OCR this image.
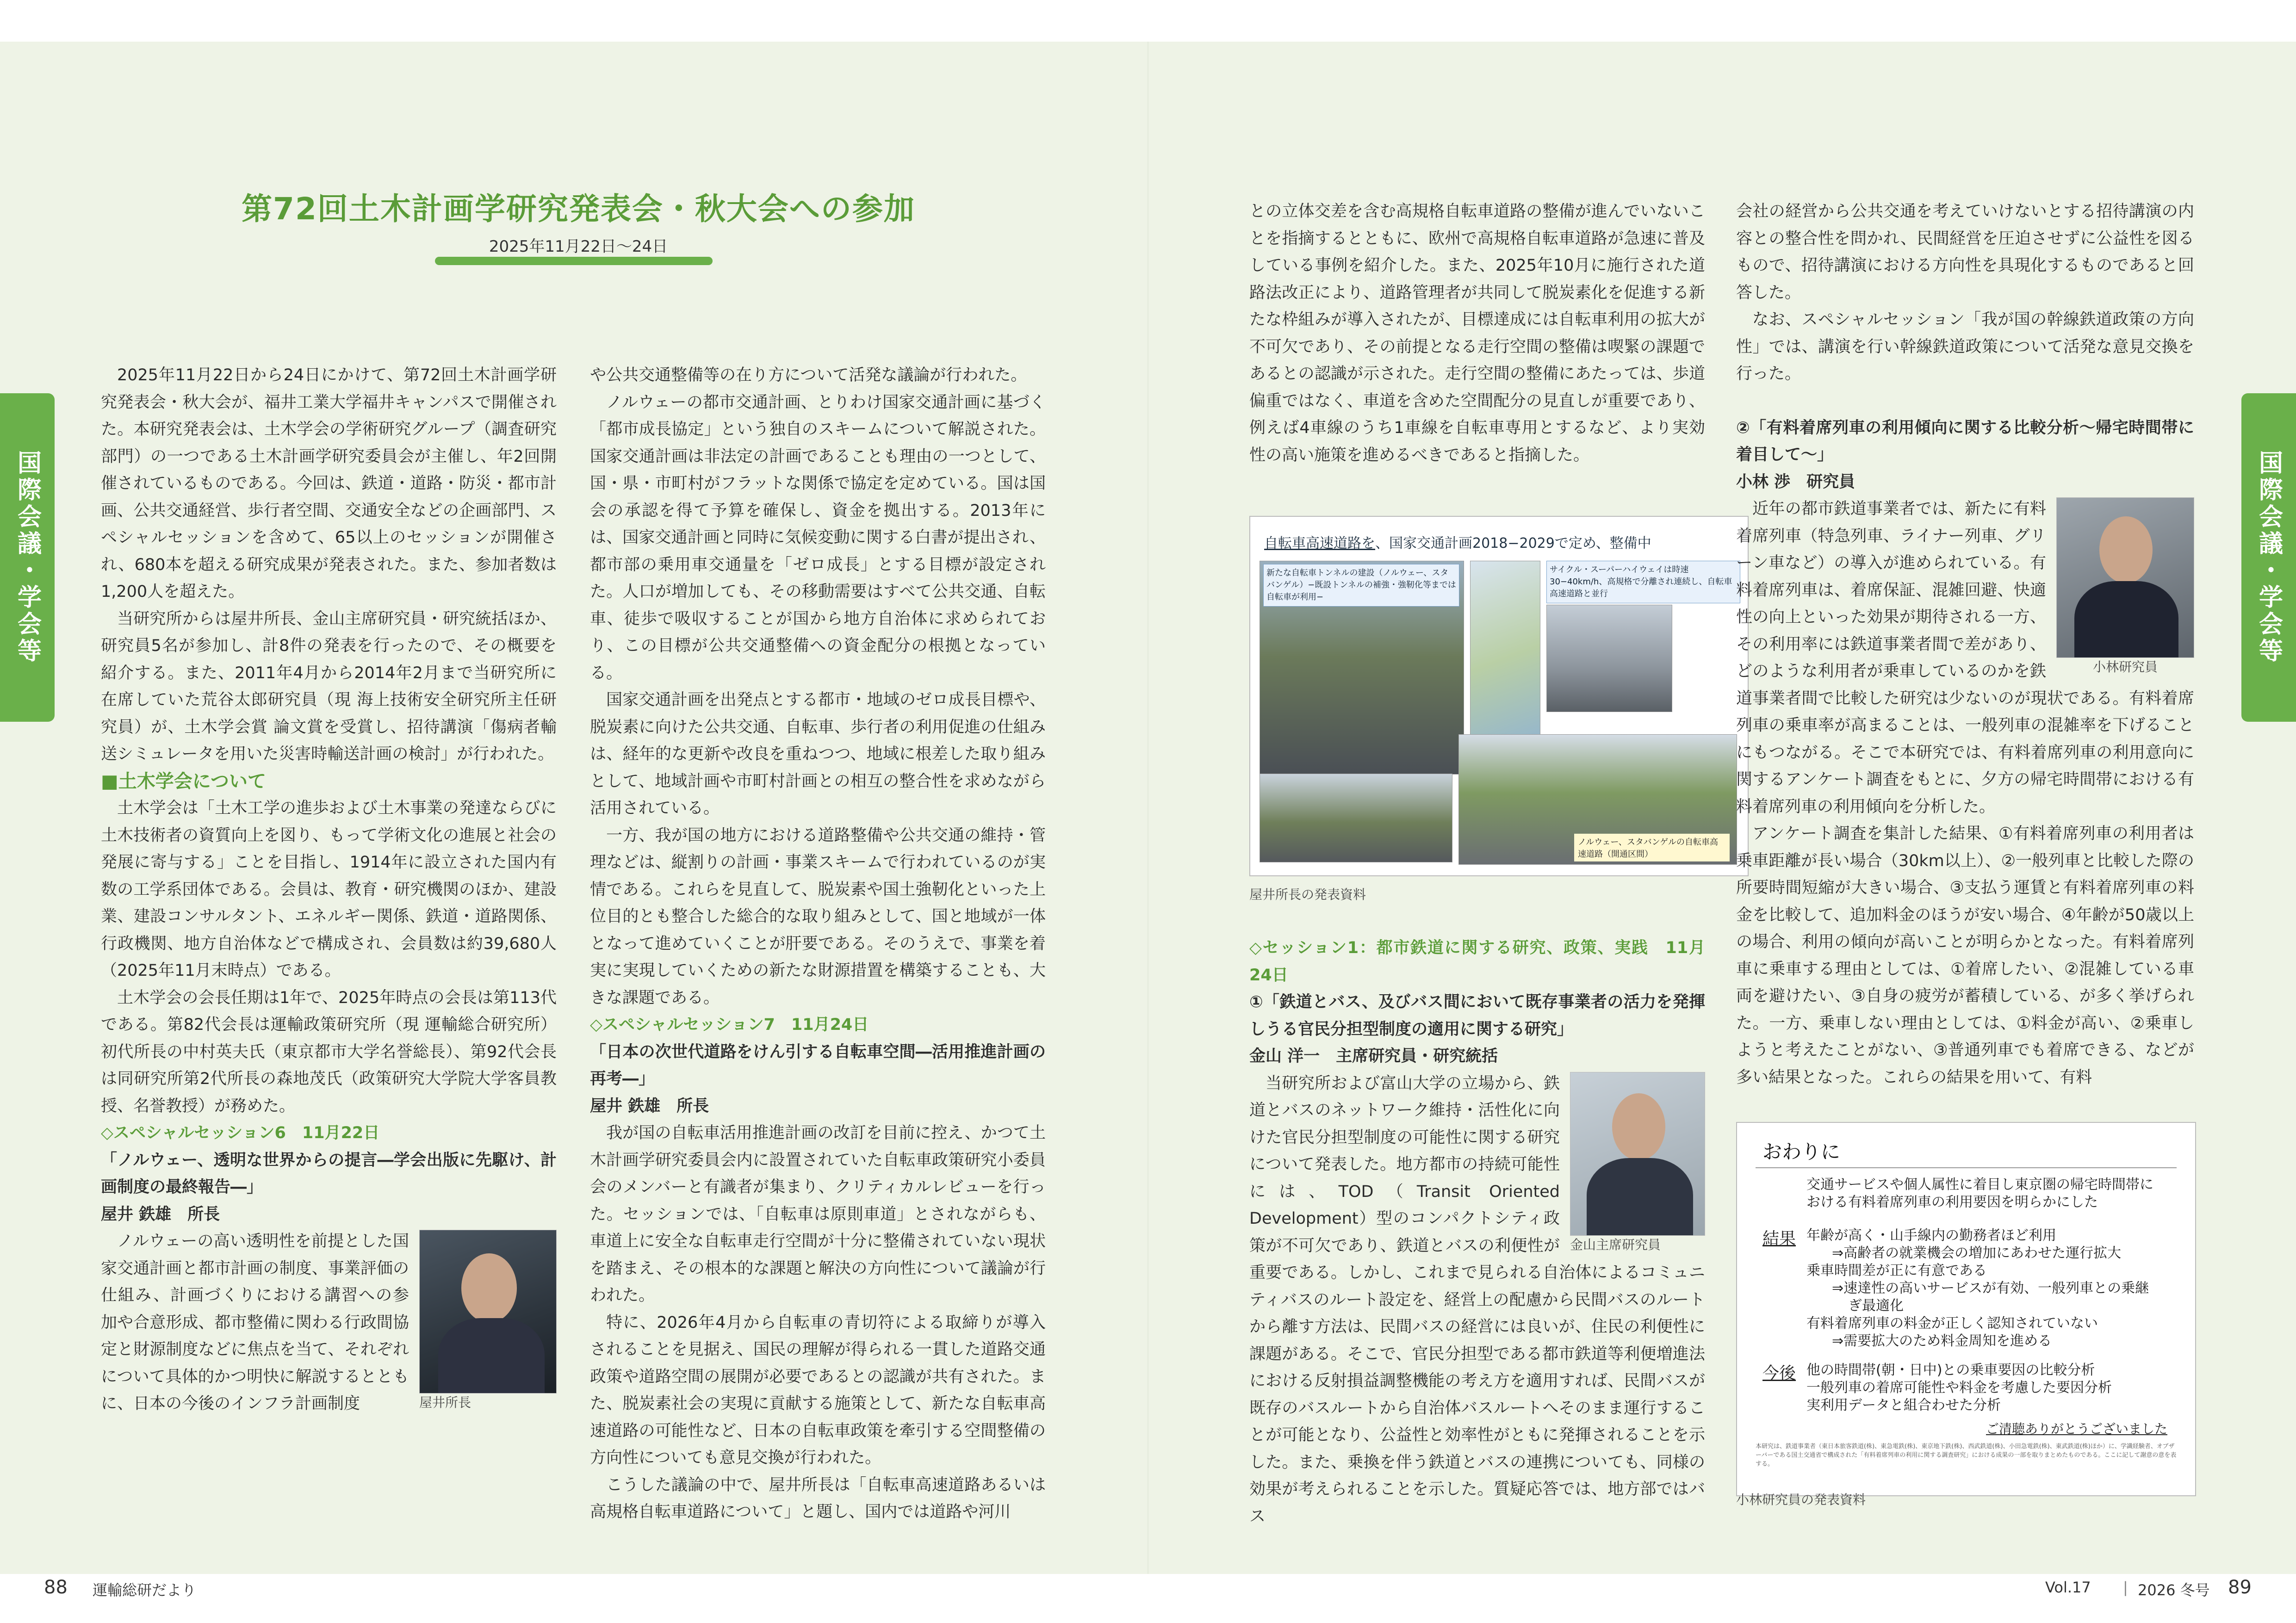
国際会議・学会等	国際会議・学会等
第72回土木計画学研究発表会・秋大会への参加
2025年11月22日〜24日

2025年11月22日から24日にかけて、第72回土木計画学研究発表会・秋大会が、福井工業大学福井キャンパスで開催された。本研究発表会は、土木学会の学術研究グループ（調査研究部門）の一つである土木計画学研究委員会が主催し、年2回開催されているものである。今回は、鉄道・道路・防災・都市計画、公共交通経営、歩行者空間、交通安全などの企画部門、スペシャルセッションを含めて、65以上のセッションが開催され、680本を超える研究成果が発表された。また、参加者数は1,200人を超えた。

当研究所からは屋井所長、金山主席研究員・研究統括ほか、研究員5名が参加し、計8件の発表を行ったので、その概要を紹介する。また、2011年4月から2014年2月まで当研究所に在席していた荒谷太郎研究員（現 海上技術安全研究所主任研究員）が、土木学会賞 論文賞を受賞し、招待講演「傷病者輸送シミュレータを用いた災害時輸送計画の検討」が行われた。

■土木学会について

土木学会は「土木工学の進歩および土木事業の発達ならびに土木技術者の資質向上を図り、もって学術文化の進展と社会の発展に寄与する」ことを目指し、1914年に設立された国内有数の工学系団体である。会員は、教育・研究機関のほか、建設業、建設コンサルタント、エネルギー関係、鉄道・道路関係、行政機関、地方自治体などで構成され、会員数は約39,680人（2025年11月末時点）である。

土木学会の会長任期は1年で、2025年時点の会長は第113代である。第82代会長は運輸政策研究所（現 運輸総合研究所）初代所長の中村英夫氏（東京都市大学名誉総長）、第92代会長は同研究所第2代所長の森地茂氏（政策研究大学院大学客員教授、名誉教授）が務めた。

◇スペシャルセッション6　11月22日

「ノルウェー、透明な世界からの提言―学会出版に先駆け、計画制度の最終報告―」

屋井 鉄雄　所長

屋井所長

ノルウェーの高い透明性を前提とした国家交通計画と都市計画の制度、事業評価の仕組み、計画づくりにおける講習への参加や合意形成、都市整備に関わる行政間協定と財源制度などに焦点を当て、それぞれについて具体的かつ明快に解説するとともに、日本の今後のインフラ計画制度

や公共交通整備等の在り方について活発な議論が行われた。

ノルウェーの都市交通計画、とりわけ国家交通計画に基づく「都市成長協定」という独自のスキームについて解説された。国家交通計画は非法定の計画であることも理由の一つとして、国・県・市町村がフラットな関係で協定を定めている。国は国会の承認を得て予算を確保し、資金を拠出する。2013年には、国家交通計画と同時に気候変動に関する白書が提出され、都市部の乗用車交通量を「ゼロ成長」とする目標が設定された。人口が増加しても、その移動需要はすべて公共交通、自転車、徒歩で吸収することが国から地方自治体に求められており、この目標が公共交通整備への資金配分の根拠となっている。

国家交通計画を出発点とする都市・地域のゼロ成長目標や、脱炭素に向けた公共交通、自転車、歩行者の利用促進の仕組みは、経年的な更新や改良を重ねつつ、地域に根差した取り組みとして、地域計画や市町村計画との相互の整合性を求めながら活用されている。

一方、我が国の地方における道路整備や公共交通の維持・管理などは、縦割りの計画・事業スキームで行われているのが実情である。これらを見直して、脱炭素や国土強靭化といった上位目的とも整合した総合的な取り組みとして、国と地域が一体となって進めていくことが肝要である。そのうえで、事業を着実に実現していくための新たな財源措置を構築することも、大きな課題である。

◇スペシャルセッション7　11月24日

「日本の次世代道路をけん引する自転車空間―活用推進計画の再考―」

屋井 鉄雄　所長

我が国の自転車活用推進計画の改訂を目前に控え、かつて土木計画学研究委員会内に設置されていた自転車政策研究小委員会のメンバーと有識者が集まり、クリティカルレビューを行った。セッションでは、「自転車は原則車道」とされながらも、車道上に安全な自転車走行空間が十分に整備されていない現状を踏まえ、その根本的な課題と解決の方向性について議論が行われた。

特に、2026年4月から自転車の青切符による取締りが導入されることを見据え、国民の理解が得られる一貫した道路交通政策や道路空間の展開が必要であるとの認識が共有された。また、脱炭素社会の実現に貢献する施策として、新たな自転車高速道路の可能性など、日本の自転車政策を牽引する空間整備の方向性についても意見交換が行われた。

こうした議論の中で、屋井所長は「自転車高速道路あるいは高規格自転車道路について」と題し、国内では道路や河川

との立体交差を含む高規格自転車道路の整備が進んでいないことを指摘するとともに、欧州で高規格自転車道路が急速に普及している事例を紹介した。また、2025年10月に施行された道路法改正により、道路管理者が共同して脱炭素化を促進する新たな枠組みが導入されたが、目標達成には自転車利用の拡大が不可欠であり、その前提となる走行空間の整備は喫緊の課題であるとの認識が示された。走行空間の整備にあたっては、歩道偏重ではなく、車道を含めた空間配分の見直しが重要であり、例えば4車線のうち1車線を自転車専用とするなど、より実効性の高い施策を進めるべきであると指摘した。

自転車高速道路を、国家交通計画2018−2029で定め、整備中
新たな自転車トンネルの建設（ノルウェー、スタバンゲル）−既設トンネルの補強・強靭化等までは自転車が利用−
サイクル・スーパーハイウェイは時速30−40km/h、高規格で分離され連続し、自転車高速道路と並行
ノルウェー、スタバンゲルの自転車高速道路（開通区間）
屋井所長の発表資料

◇セッション1：都市鉄道に関する研究、政策、実践　11月24日

①「鉄道とバス、及びバス間において既存事業者の活力を発揮しうる官民分担型制度の適用に関する研究」

金山 洋一　主席研究員・研究統括

金山主席研究員

当研究所および富山大学の立場から、鉄道とバスのネットワーク維持・活性化に向けた官民分担型制度の可能性に関する研究について発表した。地方都市の持続可能性には、TOD（Transit Oriented Development）型のコンパクトシティ政策が不可欠であり、鉄道とバスの利便性が重要である。しかし、これまで見られる自治体によるコミュニティバスのルート設定を、経営上の配慮から民間バスのルートから離す方法は、民間バスの経営には良いが、住民の利便性に課題がある。そこで、官民分担型である都市鉄道等利便増進法における反射損益調整機能の考え方を適用すれば、民間バスが既存のバスルートから自治体バスルートへそのまま運行することが可能となり、公益性と効率性がともに発揮されることを示した。また、乗換を伴う鉄道とバスの連携についても、同様の効果が考えられることを示した。質疑応答では、地方部ではバス

会社の経営から公共交通を考えていけないとする招待講演の内容との整合性を問かれ、民間経営を圧迫させずに公益性を図るもので、招待講演における方向性を具現化するものであると回答した。

なお、スペシャルセッション「我が国の幹線鉄道政策の方向性」では、講演を行い幹線鉄道政策について活発な意見交換を行った。

②「有料着席列車の利用傾向に関する比較分析〜帰宅時間帯に着目して〜」

小林 渉　研究員

小林研究員

近年の都市鉄道事業者では、新たに有料着席列車（特急列車、ライナー列車、グリーン車など）の導入が進められている。有料着席列車は、着席保証、混雑回避、快適性の向上といった効果が期待される一方、その利用率には鉄道事業者間で差があり、どのような利用者が乗車しているのかを鉄道事業者間で比較した研究は少ないのが現状である。有料着席列車の乗車率が高まることは、一般列車の混雑率を下げることにもつながる。そこで本研究では、有料着席列車の利用意向に関するアンケート調査をもとに、夕方の帰宅時間帯における有料着席列車の利用傾向を分析した。

アンケート調査を集計した結果、①有料着席列車の利用者は乗車距離が長い場合（30km以上）、②一般列車と比較した際の所要時間短縮が大きい場合、③支払う運賃と有料着席列車の料金を比較して、追加料金のほうが安い場合、④年齢が50歳以上の場合、利用の傾向が高いことが明らかとなった。有料着席列車に乗車する理由としては、①着席したい、②混雑している車両を避けたい、③自身の疲労が蓄積している、が多く挙げられた。一方、乗車しない理由としては、①料金が高い、②乗車しようと考えたことがない、③普通列車でも着席できる、などが多い結果となった。これらの結果を用いて、有料

おわりに
交通サービスや個人属性に着目し東京圏の帰宅時間帯に
おける有料着席列車の利用要因を明らかにした
結果 年齢が高く・山手線内の勤務者ほど利用
⇒高齢者の就業機会の増加にあわせた運行拡大
乗車時間差が正に有意である
⇒速達性の高いサービスが有効、一般列車との乗継
ぎ最適化
有料着席列車の料金が正しく認知されていない
⇒需要拡大のため料金周知を進める
今後 他の時間帯(朝・日中)との乗車要因の比較分析
一般列車の着席可能性や料金を考慮した要因分析
実利用データと組合わせた分析
ご清聴ありがとうございました
本研究は、鉄道事業者（東日本旅客鉄道(株)、東急電鉄(株)、東京地下鉄(株)、西武鉄道(株)、小田急電鉄(株)、東武鉄道(株)ほか）に、学識経験者、オブザーバーである国土交通省で構成された「有料着席列車の利用に関する調査研究」における成果の一部を取りまとめたものである。ここに記して謝意の意を表する。
小林研究員の発表資料
88 運輸総研だより	Vol.17 | 2026 冬号 89
